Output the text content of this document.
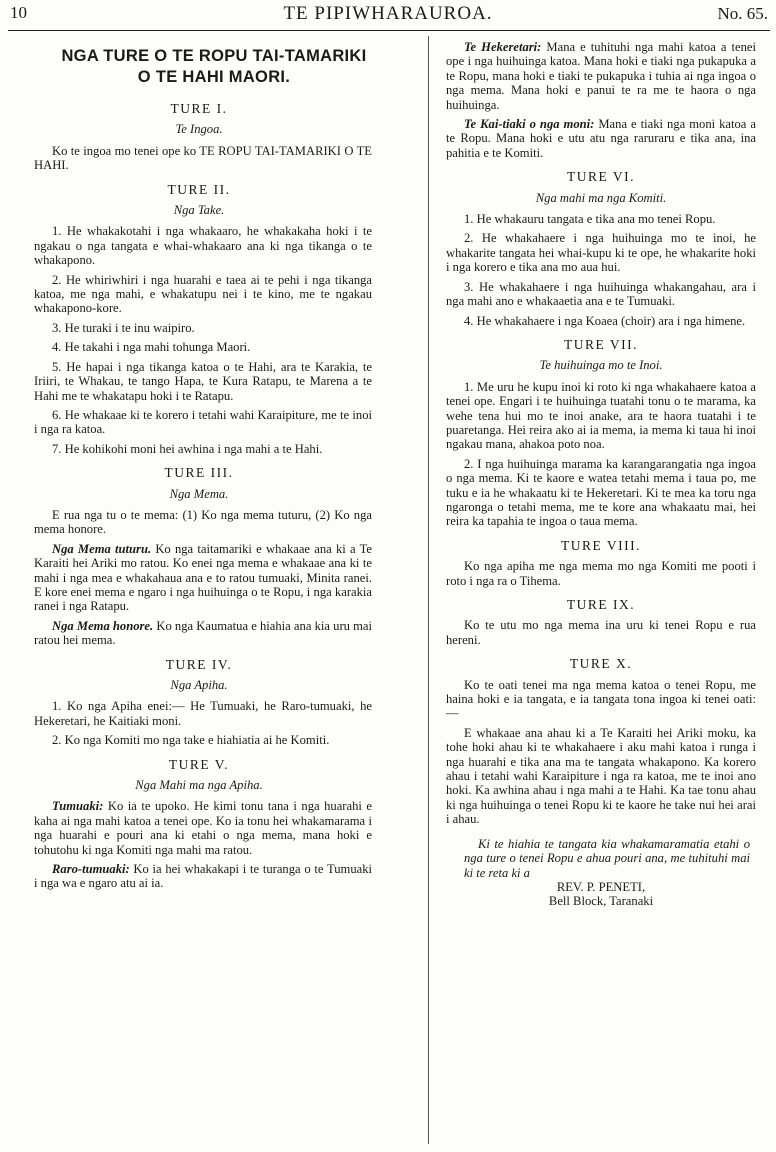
10	TE PIPIWHARAUROA.	No. 65.
NGA TURE O TE ROPU TAI-TAMARIKI
O TE HAHI MAORI.
TURE I.
Te Ingoa.

Ko te ingoa mo tenei ope ko TE ROPU TAI-TAMARIKI O TE HAHI.

TURE II.
Nga Take.

1. He whakakotahi i nga whakaaro, he whakakaha hoki i te ngakau o nga tangata e whai-whakaaro ana ki nga tikanga o te whakapono.

2. He whiriwhiri i nga huarahi e taea ai te pehi i nga tikanga katoa, me nga mahi, e whakatupu nei i te kino, me te ngakau whakapono-kore.

3. He turaki i te inu waipiro.

4. He takahi i nga mahi tohunga Maori.

5. He hapai i nga tikanga katoa o te Hahi, ara te Karakia, te Iriiri, te Whakau, te tango Hapa, te Kura Ratapu, te Marena a te Hahi me te whakatapu hoki i te Ratapu.

6. He whakaae ki te korero i tetahi wahi Karaipiture, me te inoi i nga ra katoa.

7. He kohikohi moni hei awhina i nga mahi a te Hahi.

TURE III.
Nga Mema.

E rua nga tu o te mema: (1) Ko nga mema tuturu, (2) Ko nga mema honore.

Nga Mema tuturu. Ko nga taitamariki e whakaae ana ki a Te Karaiti hei Ariki mo ratou. Ko enei nga mema e whakaae ana ki te mahi i nga mea e whakahaua ana e to ratou tumuaki, Minita ranei. E kore enei mema e ngaro i nga huihuinga o te Ropu, i nga karakia ranei i nga Ratapu.

Nga Mema honore. Ko nga Kaumatua e hiahia ana kia uru mai ratou hei mema.

TURE IV.
Nga Apiha.

1. Ko nga Apiha enei:— He Tumuaki, he Raro-tumuaki, he Hekeretari, he Kaitiaki moni.

2. Ko nga Komiti mo nga take e hiahiatia ai he Komiti.

TURE V.
Nga Mahi ma nga Apiha.

Tumuaki: Ko ia te upoko. He kimi tonu tana i nga huarahi e kaha ai nga mahi katoa a tenei ope. Ko ia tonu hei whakamarama i nga huarahi e pouri ana ki etahi o nga mema, mana hoki e tohutohu ki nga Komiti nga mahi ma ratou.

Raro-tumuaki: Ko ia hei whakakapi i te turanga o te Tumuaki i nga wa e ngaro atu ai ia.

Te Hekeretari: Mana e tuhituhi nga mahi katoa a tenei ope i nga huihuinga katoa. Mana hoki e tiaki nga pukapuka a te Ropu, mana hoki e tiaki te pukapuka i tuhia ai nga ingoa o nga mema. Mana hoki e panui te ra me te haora o nga huihuinga.

Te Kai-tiaki o nga moni: Mana e tiaki nga moni katoa a te Ropu. Mana hoki e utu atu nga raruraru e tika ana, ina pahitia e te Komiti.

TURE VI.
Nga mahi ma nga Komiti.

1. He whakauru tangata e tika ana mo tenei Ropu.

2. He whakahaere i nga huihuinga mo te inoi, he whakarite tangata hei whai-kupu ki te ope, he whakarite hoki i nga korero e tika ana mo aua hui.

3. He whakahaere i nga huihuinga whakangahau, ara i nga mahi ano e whakaaetia ana e te Tumuaki.

4. He whakahaere i nga Koaea (choir) ara i nga himene.

TURE VII.
Te huihuinga mo te Inoi.

1. Me uru he kupu inoi ki roto ki nga whakahaere katoa a tenei ope. Engari i te huihuinga tuatahi tonu o te marama, ka wehe tena hui mo te inoi anake, ara te haora tuatahi i te puaretanga. Hei reira ako ai ia mema, ia mema ki taua hi inoi ngakau mana, ahakoa poto noa.

2. I nga huihuinga marama ka karangarangatia nga ingoa o nga mema. Ki te kaore e watea tetahi mema i taua po, me tuku e ia he whakaatu ki te Hekeretari. Ki te mea ka toru nga ngaronga o tetahi mema, me te kore ana whakaatu mai, hei reira ka tapahia te ingoa o taua mema.

TURE VIII.

Ko nga apiha me nga mema mo nga Komiti me pooti i roto i nga ra o Tihema.

TURE IX.

Ko te utu mo nga mema ina uru ki tenei Ropu e rua hereni.

TURE X.

Ko te oati tenei ma nga mema katoa o tenei Ropu, me haina hoki e ia tangata, e ia tangata tona ingoa ki tenei oati:—

E whakaae ana ahau ki a Te Karaiti hei Ariki moku, ka tohe hoki ahau ki te whakahaere i aku mahi katoa i runga i nga huarahi e tika ana ma te tangata whakapono. Ka korero ahau i tetahi wahi Karaipiture i nga ra katoa, me te inoi ano hoki. Ka awhina ahau i nga mahi a te Hahi. Ka tae tonu ahau ki nga huihuinga o tenei Ropu ki te kaore he take nui hei arai i ahau.

Ki te hiahia te tangata kia whakamaramatia etahi o nga ture o tenei Ropu e ahua pouri ana, me tuhituhi mai ki te reta ki a
REV. P. PENETI,
Bell Block, Taranaki
